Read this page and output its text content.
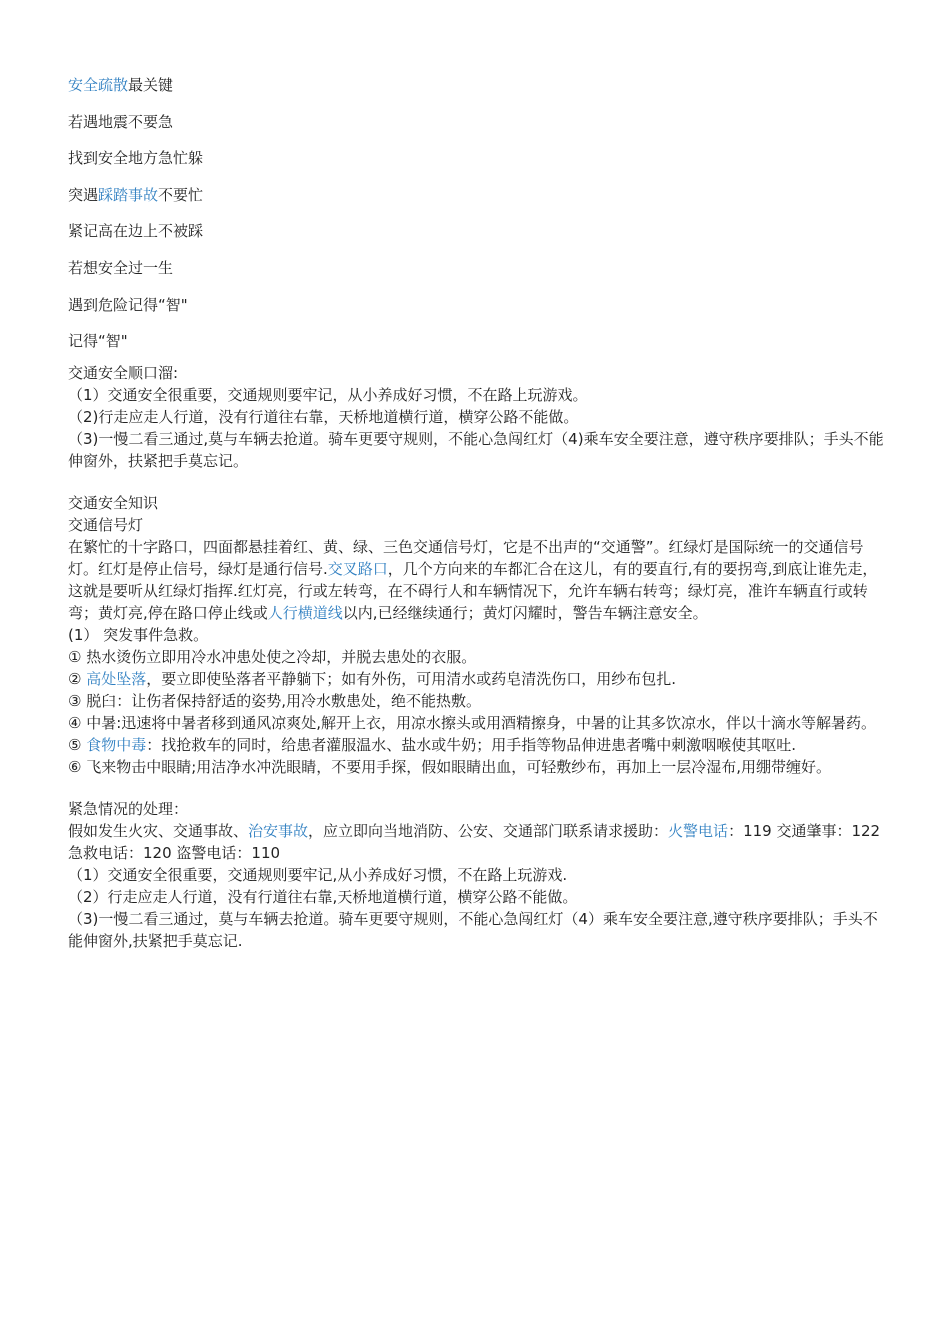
安全疏散最关键
若遇地震不要急
找到安全地方急忙躲
突遇踩踏事故不要忙
紧记高在边上不被踩
若想安全过一生
遇到危险记得“智"
记得“智"

交通安全顺口溜:

（1）交通安全很重要，交通规则要牢记，从小养成好习惯，不在路上玩游戏。

（2)行走应走人行道，没有行道往右靠，天桥地道横行道，横穿公路不能做。

（3)一慢二看三通过,莫与车辆去抢道。骑车更要守规则，不能心急闯红灯（4)乘车安全要注意，遵守秩序要排队；手头不能伸窗外，扶紧把手莫忘记。

交通安全知识

交通信号灯

在繁忙的十字路口，四面都悬挂着红、黄、绿、三色交通信号灯，它是不出声的“交通警”。红绿灯是国际统一的交通信号灯。红灯是停止信号，绿灯是通行信号.交叉路口，几个方向来的车都汇合在这儿，有的要直行,有的要拐弯,到底让谁先走，这就是要听从红绿灯指挥.红灯亮，行或左转弯，在不碍行人和车辆情况下，允许车辆右转弯；绿灯亮，准许车辆直行或转弯；黄灯亮,停在路口停止线或人行横道线以内,已经继续通行；黄灯闪耀时，警告车辆注意安全。

(1） 突发事件急救。

① 热水烫伤立即用冷水冲患处使之冷却，并脱去患处的衣服。

② 高处坠落，要立即使坠落者平静躺下；如有外伤，可用清水或药皂清洗伤口，用纱布包扎.

③ 脱臼：让伤者保持舒适的姿势,用冷水敷患处，绝不能热敷。

④ 中暑:迅速将中暑者移到通风凉爽处,解开上衣，用凉水擦头或用酒精擦身，中暑的让其多饮凉水，伴以十滴水等解暑药。

⑤ 食物中毒：找抢救车的同时，给患者灌服温水、盐水或牛奶；用手指等物品伸进患者嘴中刺激咽喉使其呕吐.

⑥ 飞来物击中眼睛;用洁净水冲洗眼睛，不要用手探，假如眼睛出血，可轻敷纱布，再加上一层冷湿布,用绷带缠好。

紧急情况的处理：

假如发生火灾、交通事故、治安事故，应立即向当地消防、公安、交通部门联系请求援助：火警电话：119 交通肇事：122 急救电话：120 盗警电话：110

（1）交通安全很重要，交通规则要牢记,从小养成好习惯，不在路上玩游戏.

（2）行走应走人行道，没有行道往右靠,天桥地道横行道，横穿公路不能做。

（3)一慢二看三通过，莫与车辆去抢道。骑车更要守规则，不能心急闯红灯（4）乘车安全要注意,遵守秩序要排队；手头不能伸窗外,扶紧把手莫忘记.
